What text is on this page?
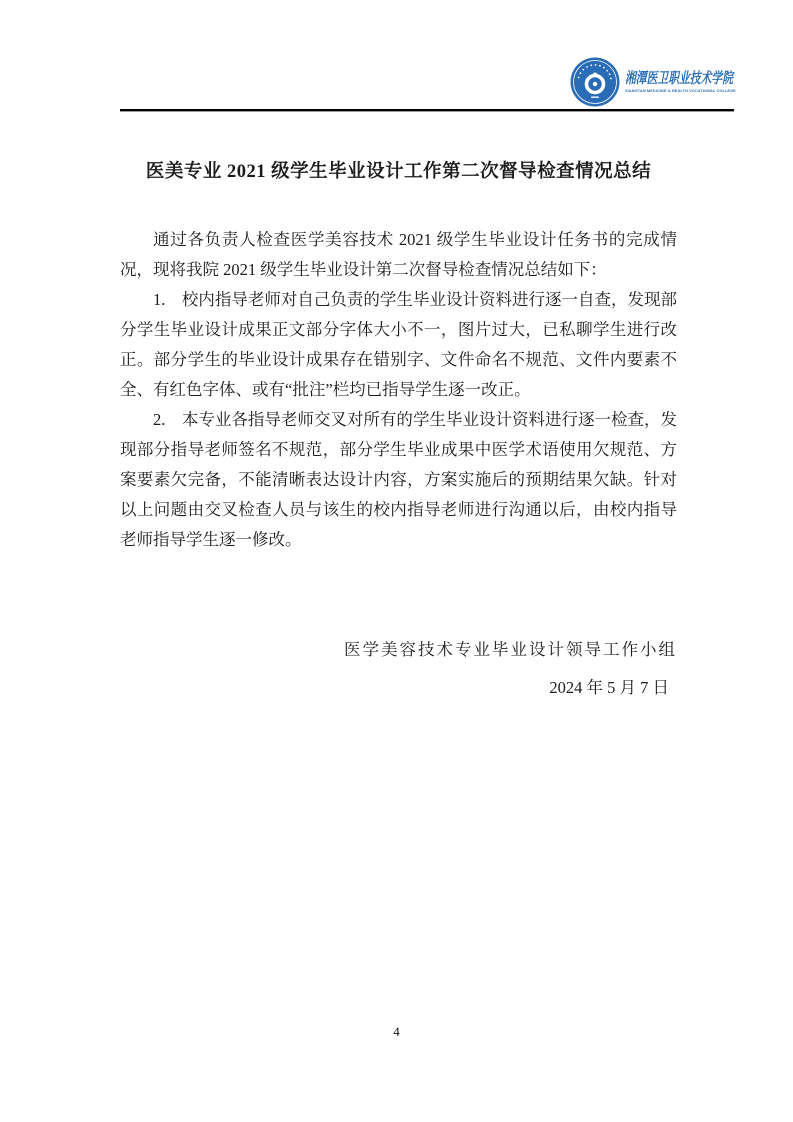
湘潭医卫职业技术学院
XIANGTAN MEDICINE & HEALTH VOCATIONAL COLLEGE
医美专业 2021 级学生毕业设计工作第二次督导检查情况总结

通过各负责人检查医学美容技术 2021 级学生毕业设计任务书的完成情况，现将我院 2021 级学生毕业设计第二次督导检查情况总结如下：

1.　校内指导老师对自己负责的学生毕业设计资料进行逐一自查，发现部分学生毕业设计成果正文部分字体大小不一，图片过大，已私聊学生进行改正。部分学生的毕业设计成果存在错别字、文件命名不规范、文件内要素不全、有红色字体、或有“批注”栏均已指导学生逐一改正。

2.　本专业各指导老师交叉对所有的学生毕业设计资料进行逐一检查，发现部分指导老师签名不规范，部分学生毕业成果中医学术语使用欠规范、方案要素欠完备，不能清晰表达设计内容，方案实施后的预期结果欠缺。针对以上问题由交叉检查人员与该生的校内指导老师进行沟通以后，由校内指导老师指导学生逐一修改。

医学美容技术专业毕业设计领导工作小组
2024 年 5 月 7 日
4
